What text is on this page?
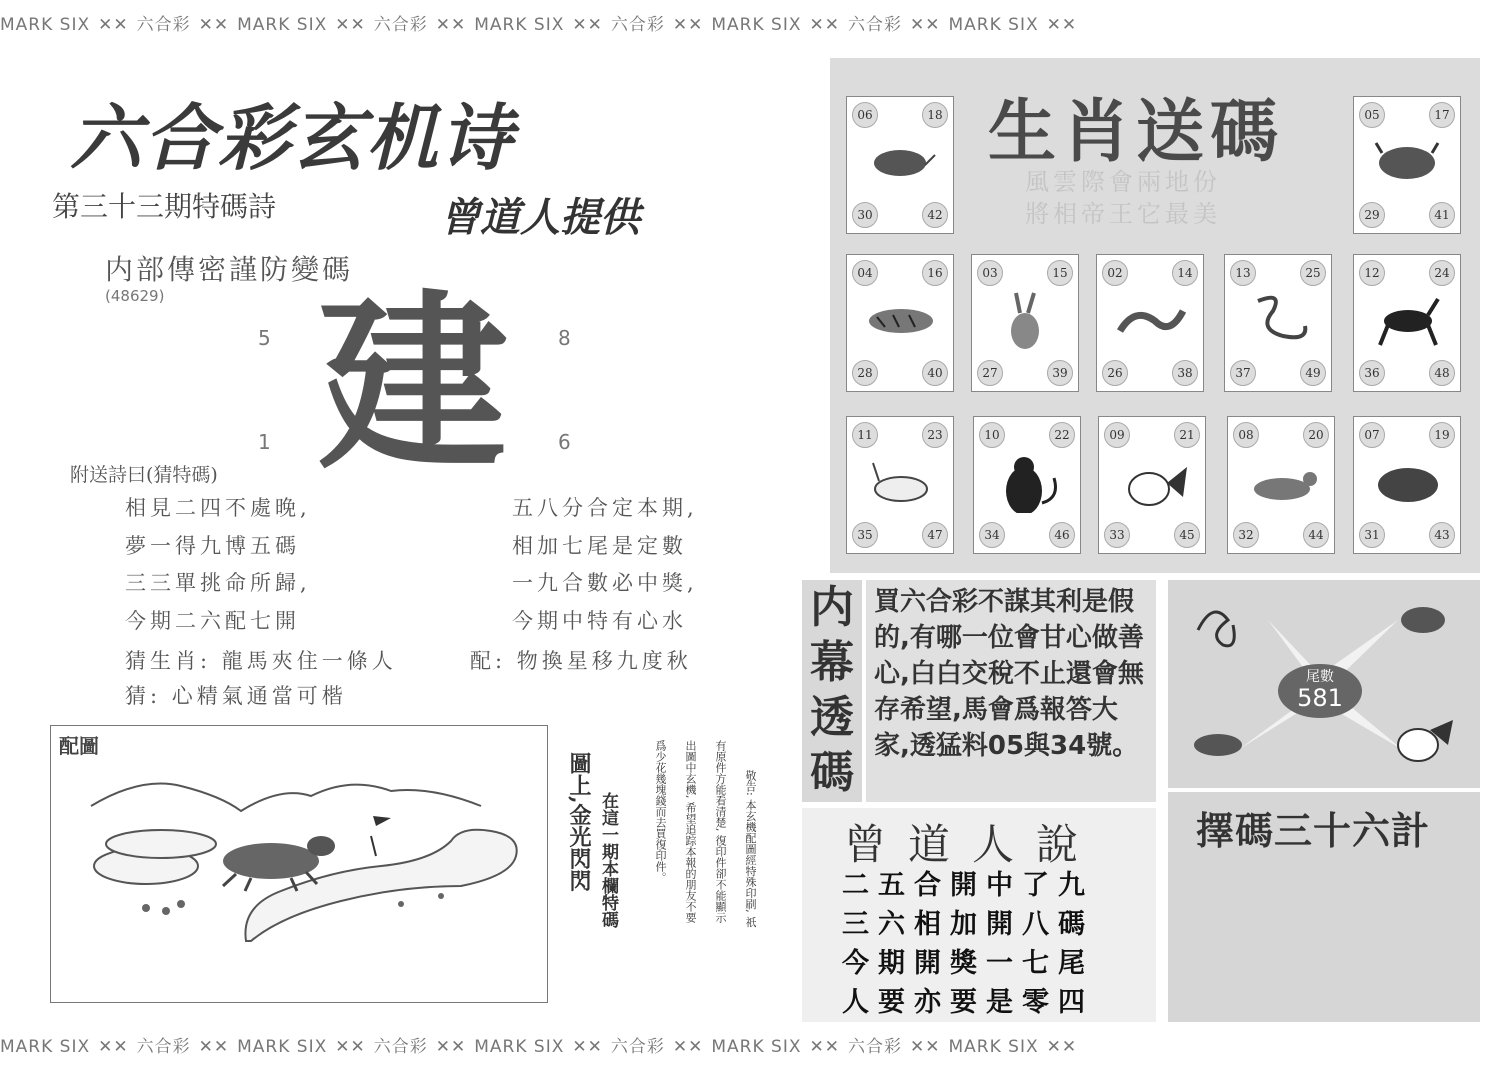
MARK SIX ✕✕ 六合彩 ✕✕ MARK SIX ✕✕ 六合彩 ✕✕ MARK SIX ✕✕ 六合彩 ✕✕ MARK SIX ✕✕ 六合彩 ✕✕ MARK SIX ✕✕
MARK SIX ✕✕ 六合彩 ✕✕ MARK SIX ✕✕ 六合彩 ✕✕ MARK SIX ✕✕ 六合彩 ✕✕ MARK SIX ✕✕ 六合彩 ✕✕ MARK SIX ✕✕
六合彩玄机诗
第三十三期特碼詩	曾道人提供
内部傳密謹防變碼
(48629)
5	8
1	6
建
附送詩曰(猜特碼)
相見二四不處晚,
夢一得九博五碼
三三單挑命所歸,
今期二六配七開
五八分合定本期,
相加七尾是定數
一九合數必中獎,
今期中特有心水
猜生肖: 龍馬夾住一條人	配: 物換星移九度秋
猜: 心精氣通當可楷
配圖
圖上,金光閃閃 在這一期本欄特碼	敬告: 本玄機配圖經特殊印刷, 祇
有原件方能看清楚, 復印件卻不能顯示
出圖中玄機, 希望追踪本報的朋友不要
爲少花幾塊錢而去買復印件。
生肖送碼
風雲際會兩地份
將相帝王它最美
06	18
30	42
05	17
29	41
04	16
28	40
03	15
27	39
02	14
26	38
13	25
37	49
12	24
36	48
11	23
35	47
10	22
34	46
09	21
33	45
08	20
32	44
07	19
31	43
内幕透碼
買六合彩不謀其利是假的,有哪一位會甘心做善心,白白交稅不止還會無存希望,馬會爲報答大家,透猛料05與34號。
曾道人說
二五合開中了九
三六相加開八碼
今期開獎一七尾
人要亦要是零四
尾數
581
擇碼三十六計
